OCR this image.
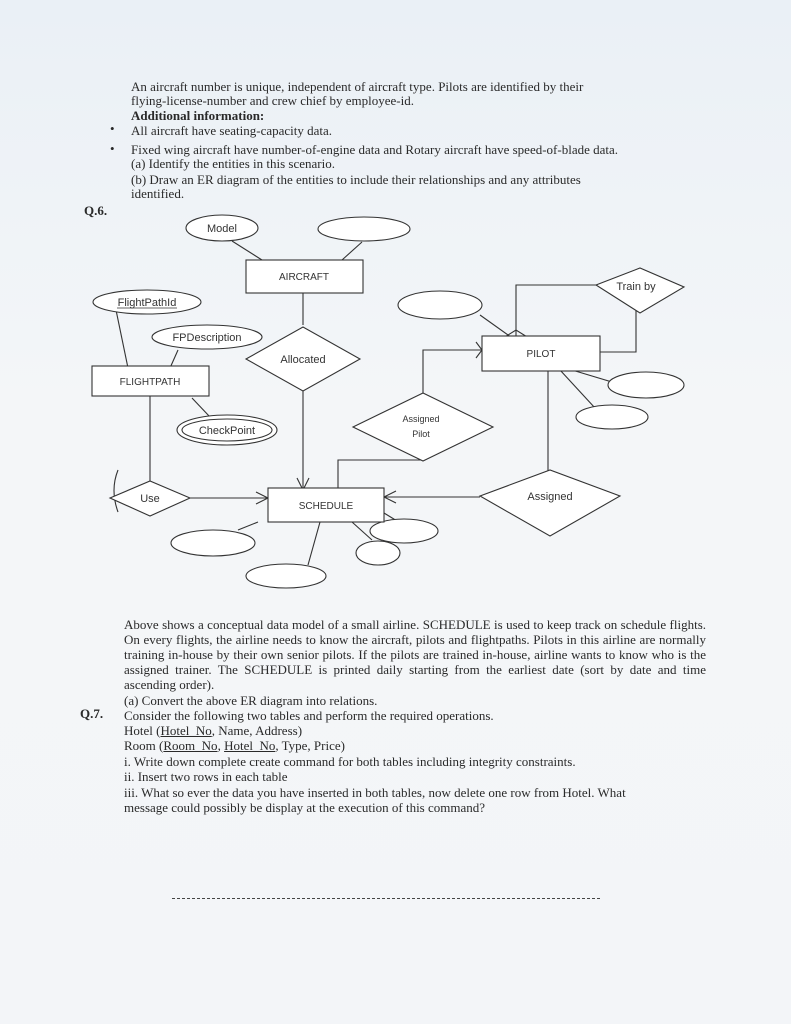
An aircraft number is unique, independent of aircraft type. Pilots are identified by their
flying-license-number and crew chief by employee-id.
Additional information:
• All aircraft have seating-capacity data.
• Fixed wing aircraft have number-of-engine data and Rotary aircraft have speed-of-blade data.
(a) Identify the entities in this scenario.
(b) Draw an ER diagram of the entities to include their relationships and any attributes
identified.
Q.6.
Model
FlightPathId
FPDescription
CheckPoint
AIRCRAFT
PILOT
FLIGHTPATH
SCHEDULE
Train by
Allocated
Assigned
Pilot
Use	Assigned
Above shows a conceptual data model of a small airline. SCHEDULE is used to keep track on schedule flights. On every flights, the airline needs to know the aircraft, pilots and flightpaths. Pilots in this airline are normally training in-house by their own senior pilots. If the pilots are trained in-house, airline wants to know who is the assigned trainer. The SCHEDULE is printed daily starting from the earliest date (sort by date and time ascending order).
(a) Convert the above ER diagram into relations.
Q.7. Consider the following two tables and perform the required operations.
Hotel (Hotel_No, Name, Address)
Room (Room_No, Hotel_No, Type, Price)
i. Write down complete create command for both tables including integrity constraints.
ii. Insert two rows in each table
iii. What so ever the data you have inserted in both tables, now delete one row from Hotel. What
message could possibly be display at the execution of this command?
